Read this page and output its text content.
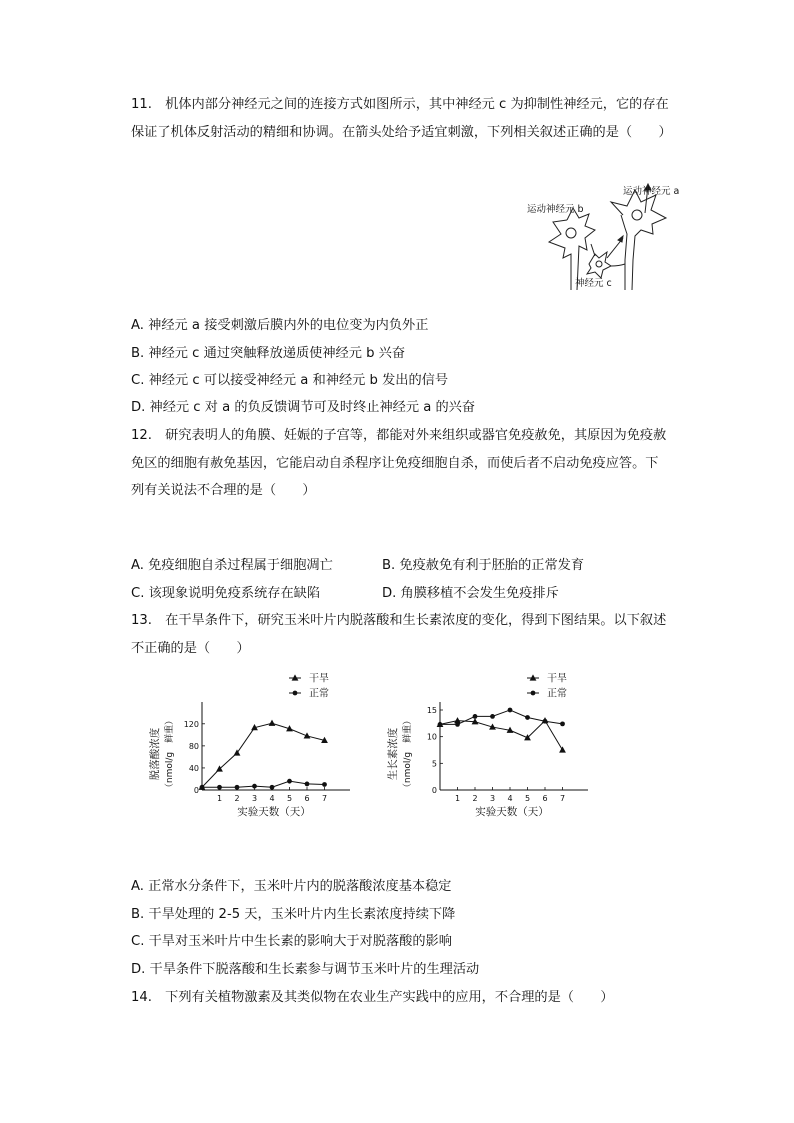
11.　机体内部分神经元之间的连接方式如图所示，其中神经元 c 为抑制性神经元，它的存在
保证了机体反射活动的精细和协调。在箭头处给予适宜刺激，下列相关叙述正确的是（　　）
运动神经元 a
运动神经元 b
神经元 c
A. 神经元 a 接受刺激后膜内外的电位变为内负外正
B. 神经元 c 通过突触释放递质使神经元 b 兴奋
C. 神经元 c 可以接受神经元 a 和神经元 b 发出的信号
D. 神经元 c 对 a 的负反馈调节可及时终止神经元 a 的兴奋
12.　研究表明人的角膜、妊娠的子宫等，都能对外来组织或器官免疫赦免，其原因为免疫赦
免区的细胞有赦免基因，它能启动自杀程序让免疫细胞自杀，而使后者不启动免疫应答。下
列有关说法不合理的是（　　）
A. 免疫细胞自杀过程属于细胞凋亡	B. 免疫赦免有利于胚胎的正常发育
C. 该现象说明免疫系统存在缺陷	D. 角膜移植不会发生免疫排斥
13.　在干旱条件下，研究玉米叶片内脱落酸和生长素浓度的变化，得到下图结果。以下叙述
不正确的是（　　）
1 2 3 4 5 6 7
0
40
80
120
实验天数（天）
脱落酸浓度 （nmol/g　鲜重）
干旱
正常
1 2 3 4 5 6 7
0
5
10
15
实验天数（天）
生长素浓度 （nmol/g　鲜重）
干旱
正常
A. 正常水分条件下，玉米叶片内的脱落酸浓度基本稳定
B. 干旱处理的 2-5 天，玉米叶片内生长素浓度持续下降
C. 干旱对玉米叶片中生长素的影响大于对脱落酸的影响
D. 干旱条件下脱落酸和生长素参与调节玉米叶片的生理活动
14.　下列有关植物激素及其类似物在农业生产实践中的应用，不合理的是（　　）
